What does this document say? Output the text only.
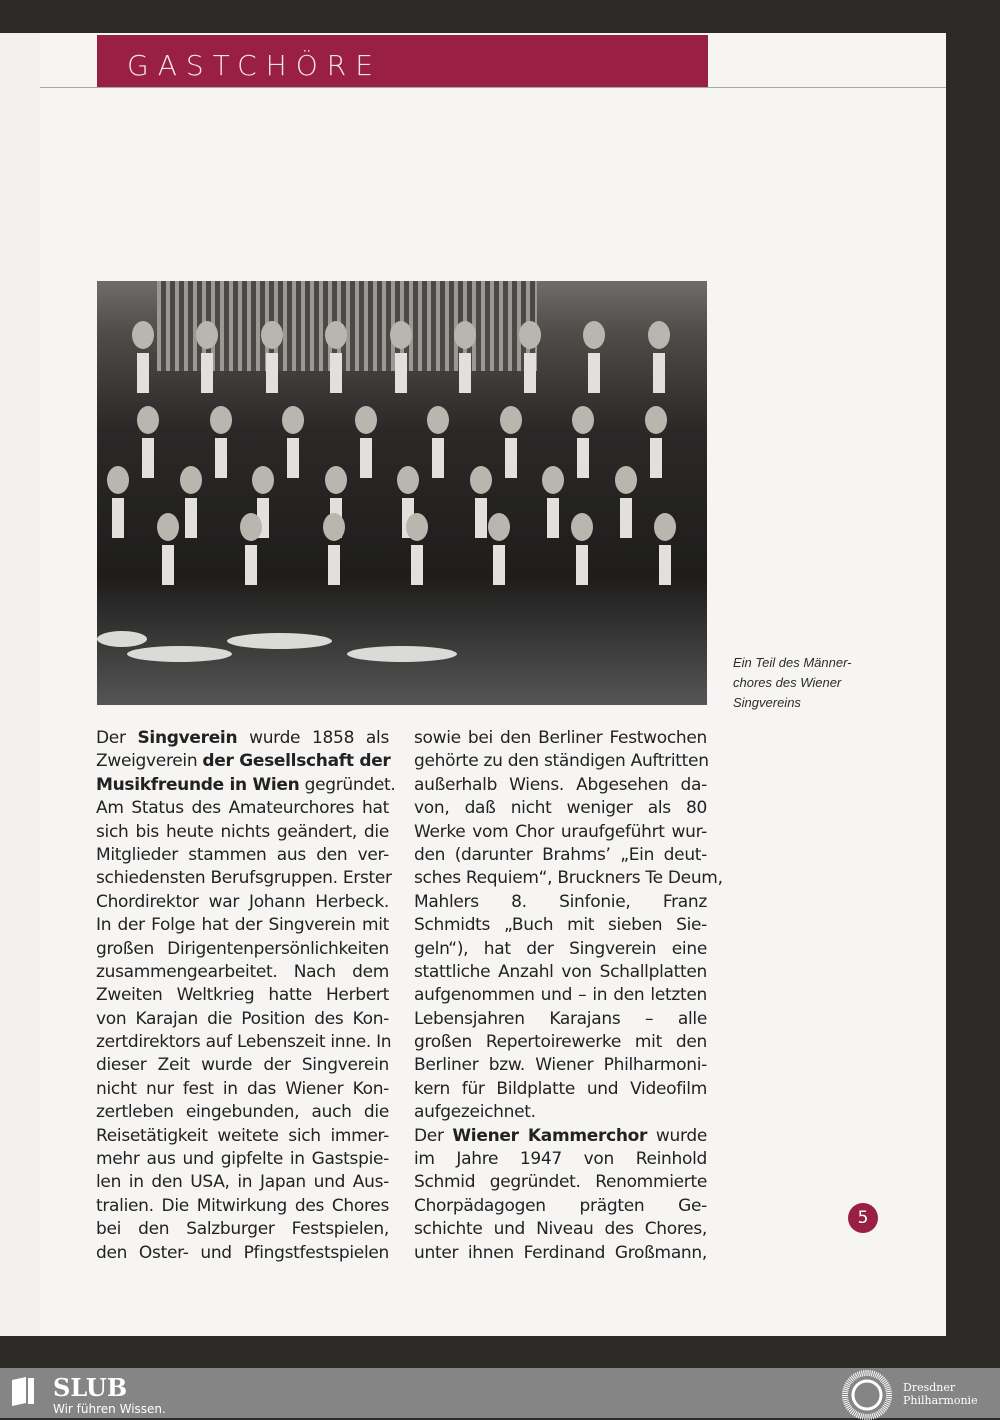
GASTCHÖRE
Ein Teil des Männer-
chores des Wiener
Singvereins
Der Singverein wurde 1858 als
Zweigverein der Gesellschaft der
Musikfreunde in Wien gegründet.
Am Status des Amateurchores hat
sich bis heute nichts geändert, die
Mitglieder stammen aus den ver-
schiedensten Berufsgruppen. Erster
Chordirektor war Johann Herbeck.
In der Folge hat der Singverein mit
großen Dirigentenpersönlichkeiten
zusammengearbeitet. Nach dem
Zweiten Weltkrieg hatte Herbert
von Karajan die Position des Kon-
zertdirektors auf Lebenszeit inne. In
dieser Zeit wurde der Singverein
nicht nur fest in das Wiener Kon-
zertleben eingebunden, auch die
Reisetätigkeit weitete sich immer-
mehr aus und gipfelte in Gastspie-
len in den USA, in Japan und Aus-
tralien. Die Mitwirkung des Chores
bei den Salzburger Festspielen,
den Oster- und Pfingstfestspielen
sowie bei den Berliner Festwochen
gehörte zu den ständigen Auftritten
außerhalb Wiens. Abgesehen da-
von, daß nicht weniger als 80
Werke vom Chor uraufgeführt wur-
den (darunter Brahms’ „Ein deut-
sches Requiem“, Bruckners Te Deum,
Mahlers 8. Sinfonie, Franz
Schmidts „Buch mit sieben Sie-
geln“), hat der Singverein eine
stattliche Anzahl von Schallplatten
aufgenommen und – in den letzten
Lebensjahren Karajans – alle
großen Repertoirewerke mit den
Berliner bzw. Wiener Philharmoni-
kern für Bildplatte und Videofilm
aufgezeichnet.
Der Wiener Kammerchor wurde
im Jahre 1947 von Reinhold
Schmid gegründet. Renommierte
Chorpädagogen prägten Ge-
schichte und Niveau des Chores,
unter ihnen Ferdinand Großmann,
5
SLUB
Wir führen Wissen.
Dresdner
Philharmonie
